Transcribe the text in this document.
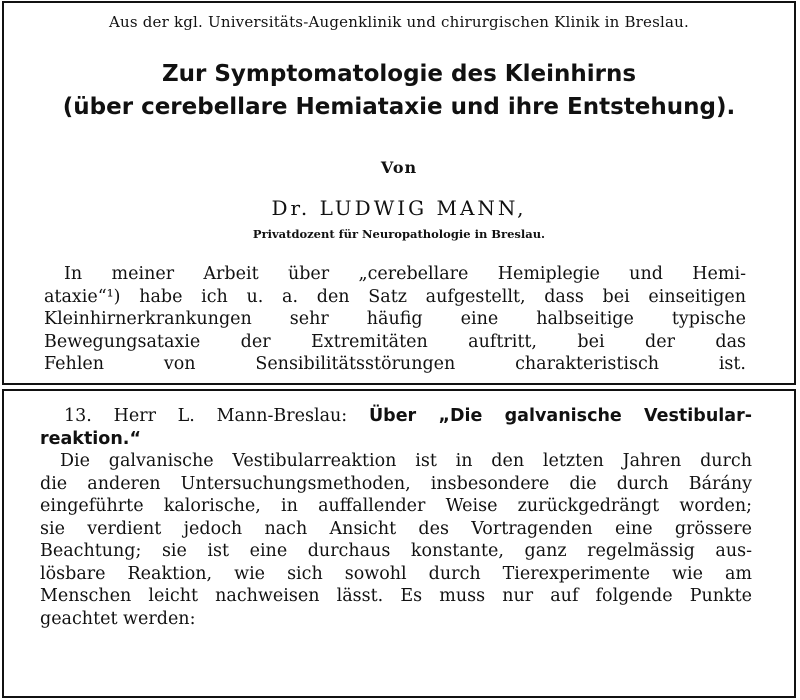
Aus der kgl. Universitäts-Augenklinik und chirurgischen Klinik in Breslau.
Zur Symptomatologie des Kleinhirns
(über cerebellare Hemiataxie und ihre Entstehung).
Von
Dr. LUDWIG MANN,
Privatdozent für Neuropathologie in Breslau.
In meiner Arbeit über „cerebellare Hemiplegie und Hemi-
ataxie“¹) habe ich u. a. den Satz aufgestellt, dass bei einseitigen
Kleinhirnerkrankungen sehr häufig eine halbseitige typische
Bewegungsataxie der Extremitäten auftritt, bei der das
Fehlen von Sensibilitätsstörungen charakteristisch ist.
13. Herr L. Mann-Breslau: Über „Die galvanische Vestibular-
reaktion.“
Die galvanische Vestibularreaktion ist in den letzten Jahren durch
die anderen Untersuchungsmethoden, insbesondere die durch Bárány
eingeführte kalorische, in auffallender Weise zurückgedrängt worden;
sie verdient jedoch nach Ansicht des Vortragenden eine grössere
Beachtung; sie ist eine durchaus konstante, ganz regelmässig aus-
lösbare Reaktion, wie sich sowohl durch Tierexperimente wie am
Menschen leicht nachweisen lässt. Es muss nur auf folgende Punkte
geachtet werden:
